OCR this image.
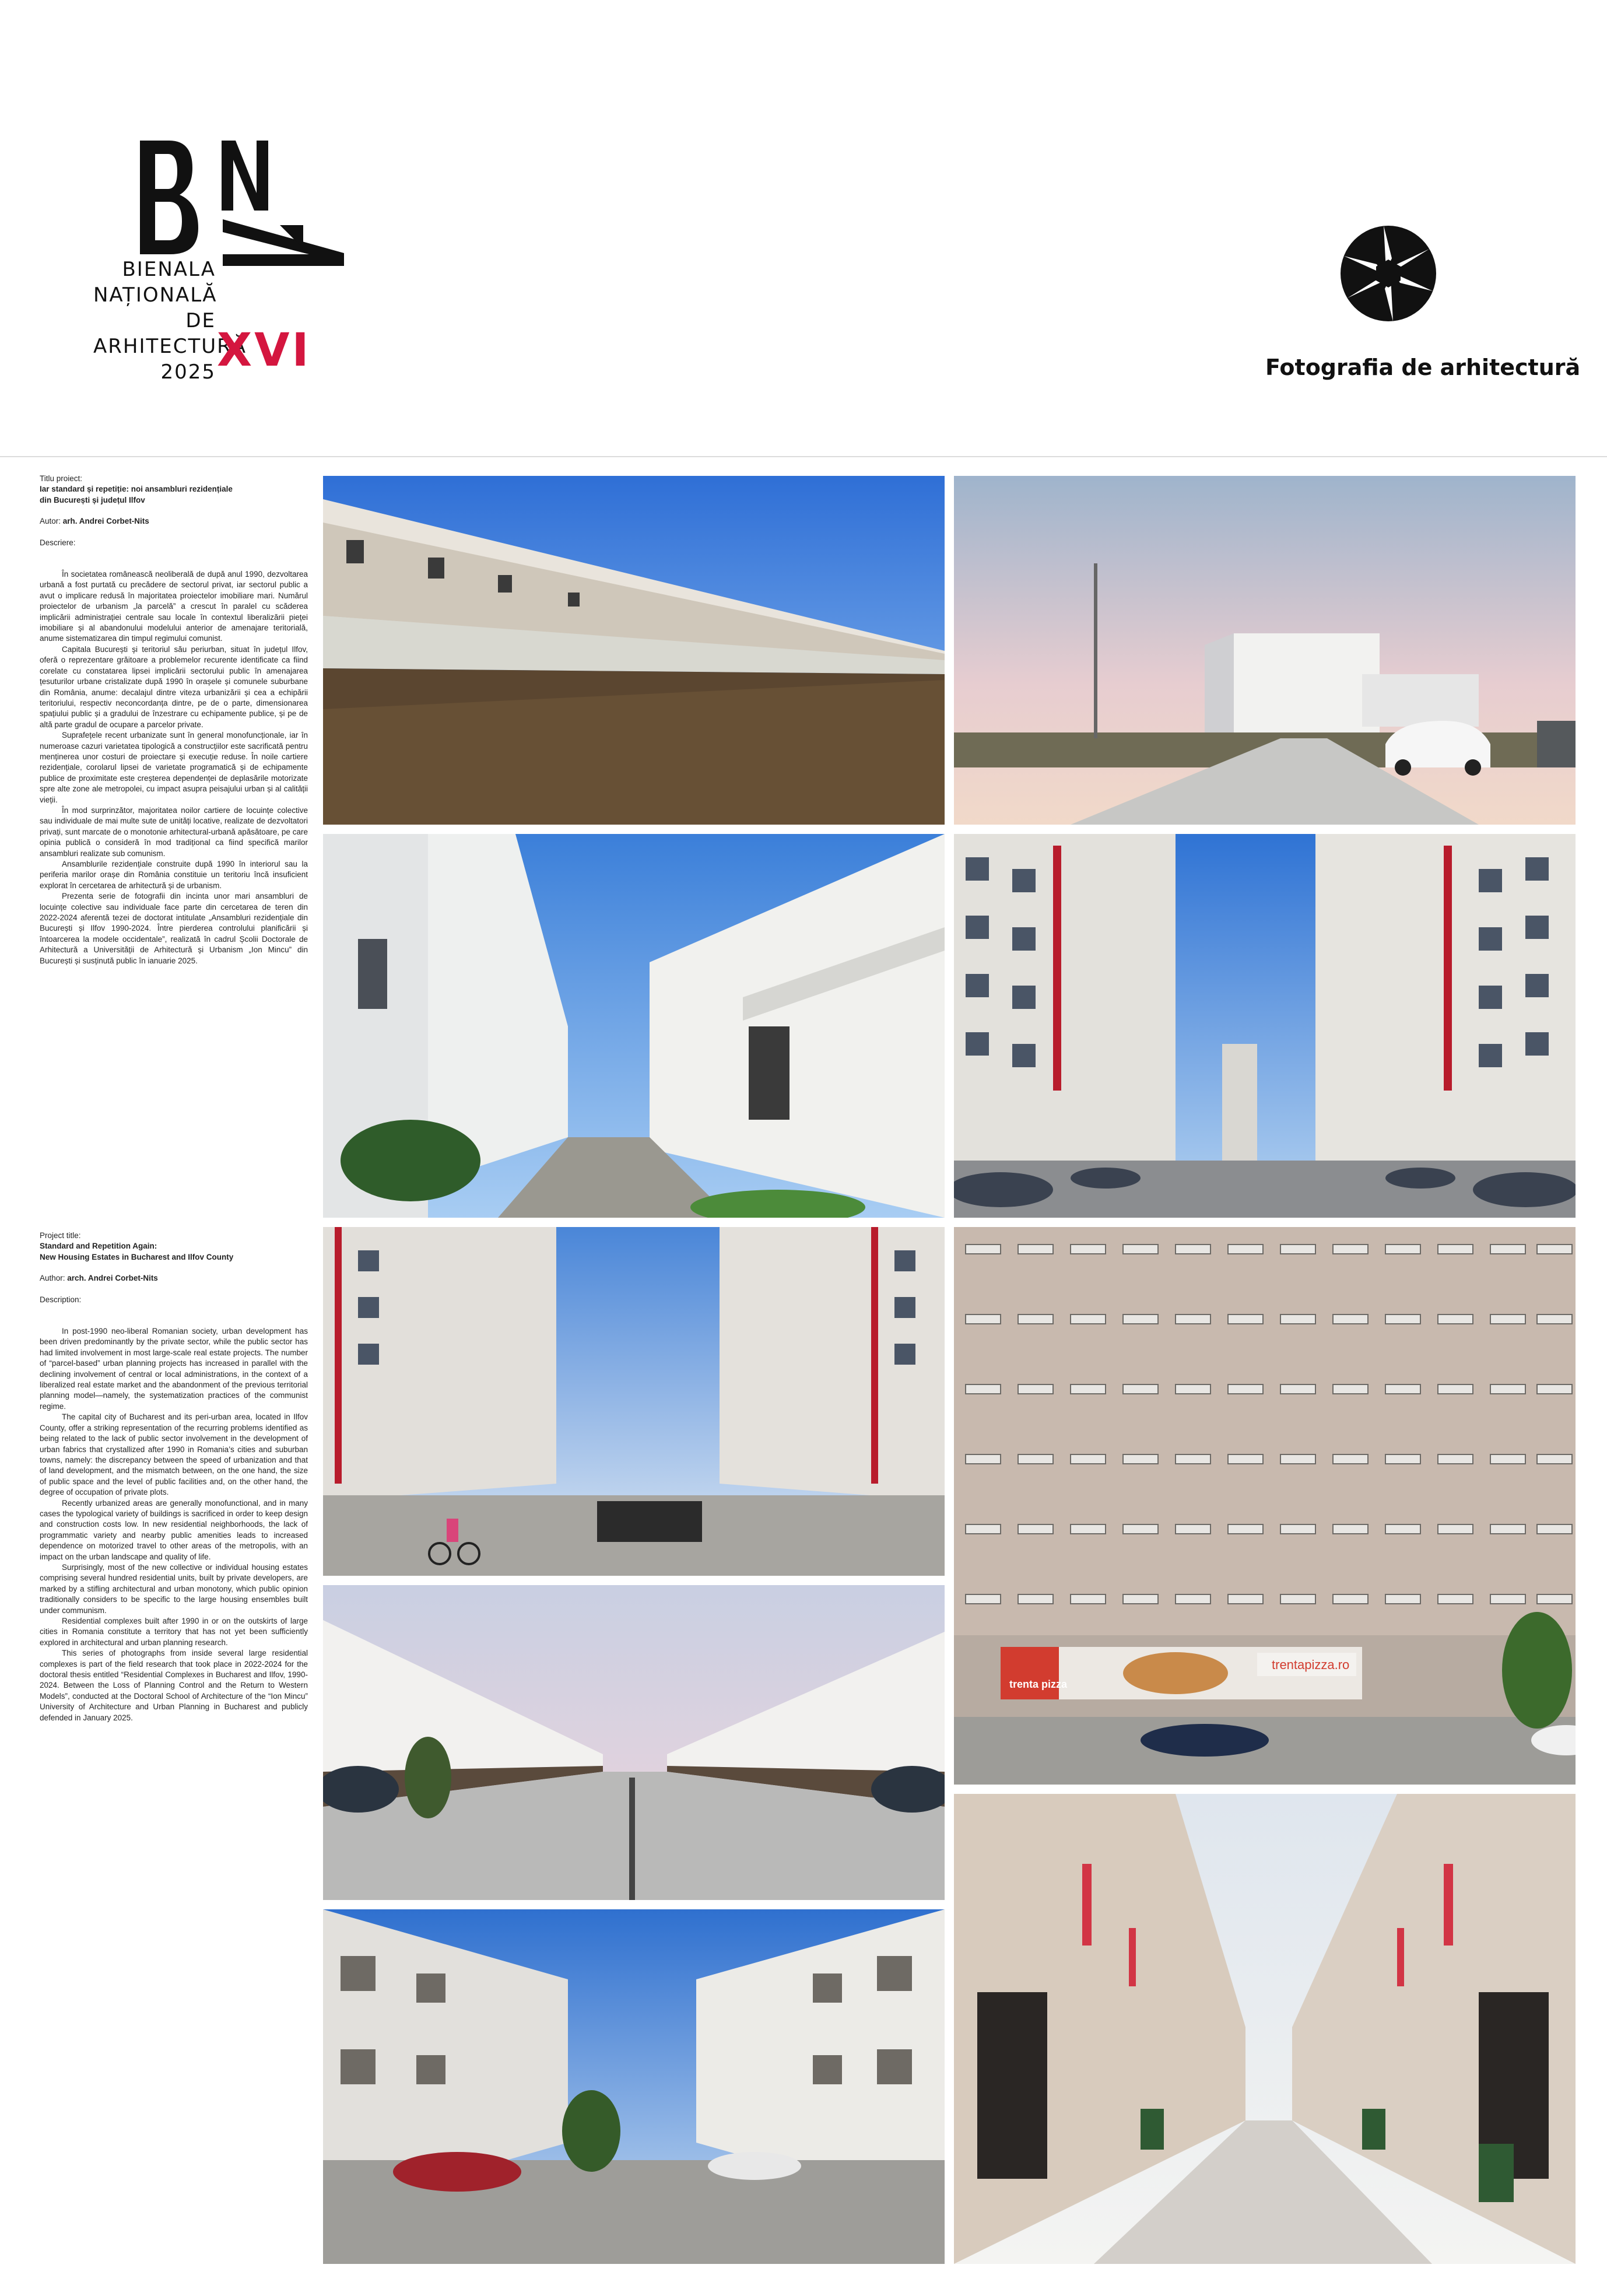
BIENALA
NAȚIONALĂ
DE
ARHITECTURĂ
2025 XVI	Fotografia de arhitectură
Titlu proiect:
Iar standard și repetiție: noi ansambluri rezidențiale
din București și județul Ilfov
Autor: arh. Andrei Corbet-Nits
Descriere:

În societatea românească neoliberală de după anul 1990, dezvoltarea urbană a fost purtată cu precădere de sectorul privat, iar sectorul public a avut o implicare redusă în majoritatea proiectelor imobiliare mari. Numărul proiectelor de urbanism „la parcelă” a crescut în paralel cu scăderea implicării administrației centrale sau locale în contextul liberalizării pieței imobiliare și al abandonului modelului anterior de amenajare teritorială, anume sistematizarea din timpul regimului comunist.

Capitala București și teritoriul său periurban, situat în județul Ilfov, oferă o reprezentare grăitoare a problemelor recurente identificate ca fiind corelate cu constatarea lipsei implicării sectorului public în amenajarea țesuturilor urbane cristalizate după 1990 în orașele și comunele suburbane din România, anume: decalajul dintre viteza urbanizării și cea a echipării teritoriului, respectiv neconcordanța dintre, pe de o parte, dimensionarea spațiului public și a gradului de înzestrare cu echipamente publice, și pe de altă parte gradul de ocupare a parcelor private.

Suprafețele recent urbanizate sunt în general monofuncționale, iar în numeroase cazuri varietatea tipologică a construcțiilor este sacrificată pentru menținerea unor costuri de proiectare și execuție reduse. În noile cartiere rezidențiale, corolarul lipsei de varietate programatică și de echipamente publice de proximitate este creșterea dependenței de deplasările motorizate spre alte zone ale metropolei, cu impact asupra peisajului urban și al calității vieții.

În mod surprinzător, majoritatea noilor cartiere de locuințe colective sau individuale de mai multe sute de unități locative, realizate de dezvoltatori privați, sunt marcate de o monotonie arhitectural-urbană apăsătoare, pe care opinia publică o consideră în mod tradițional ca fiind specifică marilor ansambluri realizate sub comunism.

Ansamblurile rezidențiale construite după 1990 în interiorul sau la periferia marilor orașe din România constituie un teritoriu încă insuficient explorat în cercetarea de arhitectură și de urbanism.

Prezenta serie de fotografii din incinta unor mari ansambluri de locuințe colective sau individuale face parte din cercetarea de teren din 2022-2024 aferentă tezei de doctorat intitulate „Ansambluri rezidențiale din București și Ilfov 1990-2024. Între pierderea controlului planificării și întoarcerea la modele occidentale”, realizată în cadrul Școlii Doctorale de Arhitectură a Universității de Arhitectură și Urbanism „Ion Mincu” din București și susținută public în ianuarie 2025.

Project title:
Standard and Repetition Again:
New Housing Estates in Bucharest and Ilfov County
Author: arch. Andrei Corbet-Nits
Description:

In post-1990 neo-liberal Romanian society, urban development has been driven predominantly by the private sector, while the public sector has had limited involvement in most large-scale real estate projects. The number of “parcel-based” urban planning projects has increased in parallel with the declining involvement of central or local administrations, in the context of a liberalized real estate market and the abandonment of the previous territorial planning model—namely, the systematization practices of the communist regime.

The capital city of Bucharest and its peri-urban area, located in Ilfov County, offer a striking representation of the recurring problems identified as being related to the lack of public sector involvement in the development of urban fabrics that crystallized after 1990 in Romania’s cities and suburban towns, namely: the discrepancy between the speed of urbanization and that of land development, and the mismatch between, on the one hand, the size of public space and the level of public facilities and, on the other hand, the degree of occupation of private plots.

Recently urbanized areas are generally monofunctional, and in many cases the typological variety of buildings is sacrificed in order to keep design and construction costs low. In new residential neighborhoods, the lack of programmatic variety and nearby public amenities leads to increased dependence on motorized travel to other areas of the metropolis, with an impact on the urban landscape and quality of life.

Surprisingly, most of the new collective or individual housing estates comprising several hundred residential units, built by private developers, are marked by a stifling architectural and urban monotony, which public opinion traditionally considers to be specific to the large housing ensembles built under communism.

Residential complexes built after 1990 in or on the outskirts of large cities in Romania constitute a territory that has not yet been sufficiently explored in architectural and urban planning research.

This series of photographs from inside several large residential complexes is part of the field research that took place in 2022-2024 for the doctoral thesis entitled “Residential Complexes in Bucharest and Ilfov, 1990-2024. Between the Loss of Planning Control and the Return to Western Models”, conducted at the Doctoral School of Architecture of the “Ion Mincu” University of Architecture and Urban Planning in Bucharest and publicly defended in January 2025.

trentapizza.ro
trenta pizza
